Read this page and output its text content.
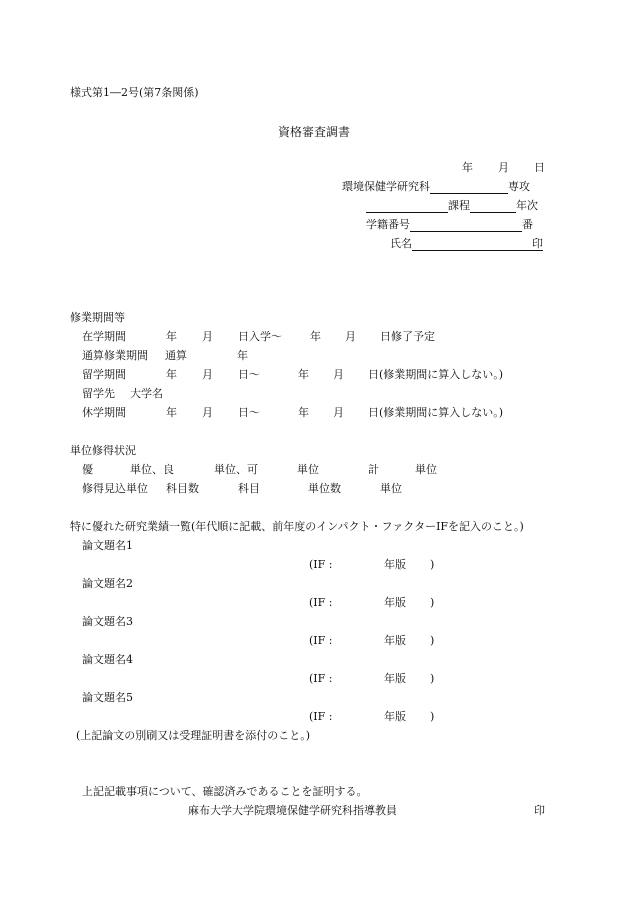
様式第1―2号(第7条関係)
資格審査調書
年 月 日
環境保健学研究科	専攻
課程	年次
学籍番号	番
氏名	印
修業期間等
在学期間	年 月 日入学～	年 月 日修了予定
通算修業期間 通算	年
留学期間	年 月 日～	年 月 日(修業期間に算入しない。)
留学先 大学名
休学期間	年 月 日～	年 月 日(修業期間に算入しない。)
単位修得状況
優	単位、良	単位、可	単位	計	単位
修得見込単位 科目数	科目	単位数	単位
特に優れた研究業績一覧(年代順に記載、前年度のインパクト・ファクターIFを記入のこと。)
論文題名1
(IF :	年版 )
論文題名2
(IF :	年版 )
論文題名3
(IF :	年版 )
論文題名4
(IF :	年版 )
論文題名5
(IF :	年版 )
(上記論文の別刷又は受理証明書を添付のこと。)
上記記載事項について、確認済みであることを証明する。
麻布大学大学院環境保健学研究科指導教員	印
